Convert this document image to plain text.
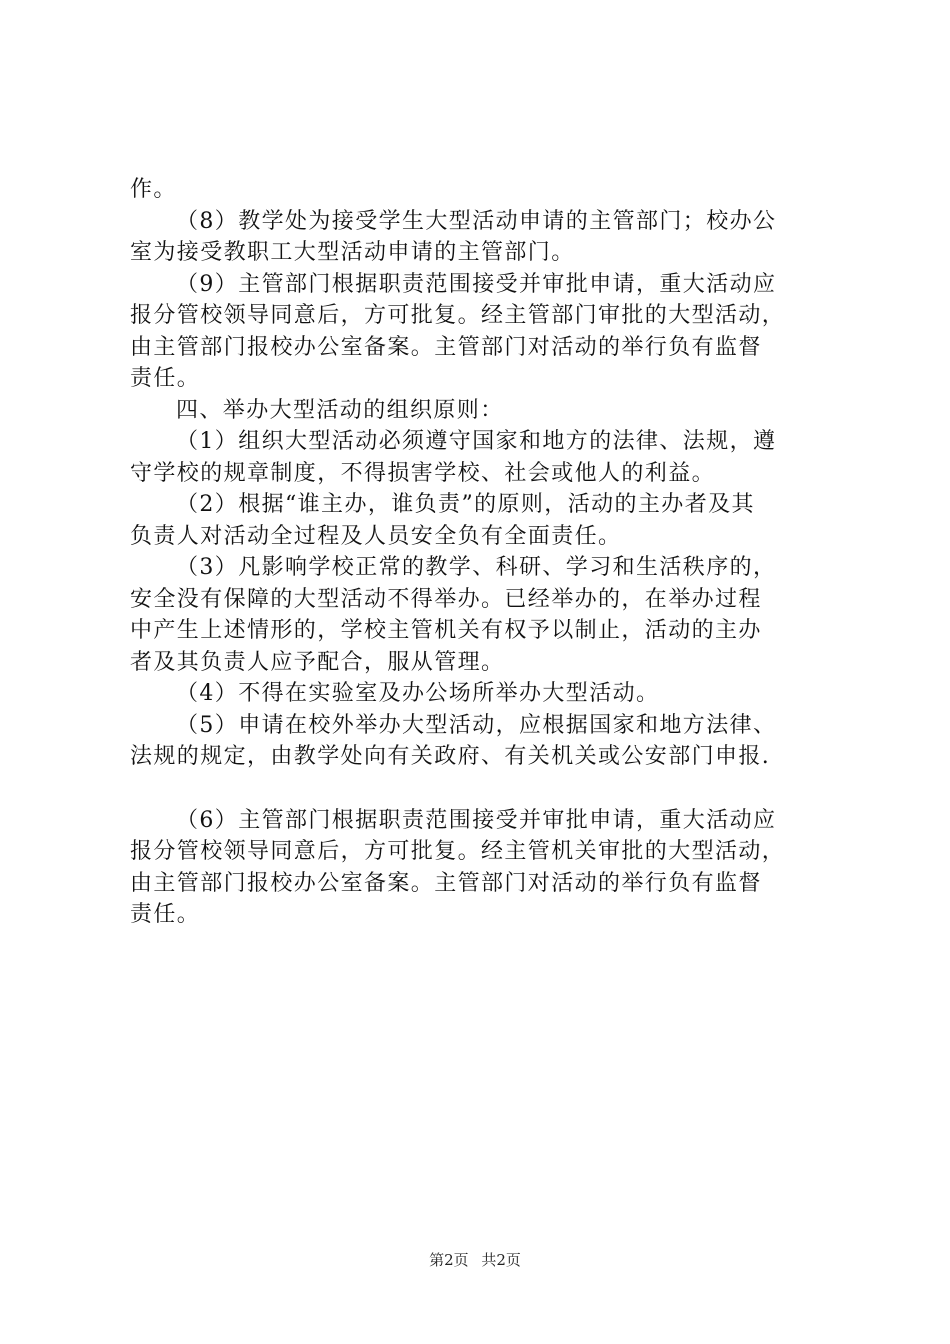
作。
（8）教学处为接受学生大型活动申请的主管部门；校办公
室为接受教职工大型活动申请的主管部门。
（9）主管部门根据职责范围接受并审批申请，重大活动应
报分管校领导同意后，方可批复。经主管部门审批的大型活动，
由主管部门报校办公室备案。主管部门对活动的举行负有监督
责任。
四、举办大型活动的组织原则：
（1）组织大型活动必须遵守国家和地方的法律、法规，遵
守学校的规章制度，不得损害学校、社会或他人的利益。
（2）根据“谁主办，谁负责”的原则，活动的主办者及其
负责人对活动全过程及人员安全负有全面责任。
（3）凡影响学校正常的教学、科研、学习和生活秩序的，
安全没有保障的大型活动不得举办。已经举办的，在举办过程
中产生上述情形的，学校主管机关有权予以制止，活动的主办
者及其负责人应予配合，服从管理。
（4）不得在实验室及办公场所举办大型活动。
（5）申请在校外举办大型活动，应根据国家和地方法律、
法规的规定，由教学处向有关政府、有关机关或公安部门申报.
（6）主管部门根据职责范围接受并审批申请，重大活动应
报分管校领导同意后，方可批复。经主管机关审批的大型活动，
由主管部门报校办公室备案。主管部门对活动的举行负有监督
责任。
第2页 共2页
